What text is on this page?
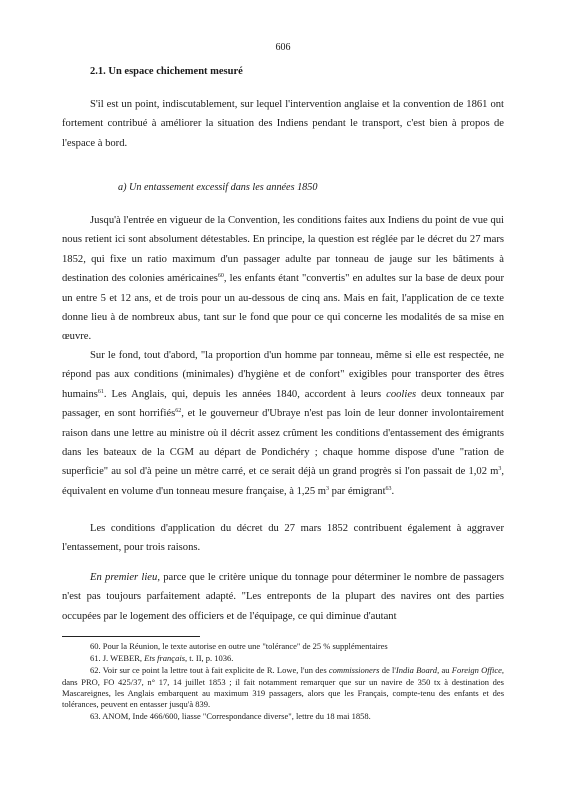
606
2.1. Un espace chichement mesuré

S'il est un point, indiscutablement, sur lequel l'intervention anglaise et la convention de 1861 ont fortement contribué à améliorer la situation des Indiens pendant le transport, c'est bien à propos de l'espace à bord.

a) Un entassement excessif dans les années 1850

Jusqu'à l'entrée en vigueur de la Convention, les conditions faites aux Indiens du point de vue qui nous retient ici sont absolument détestables. En principe, la question est réglée par le décret du 27 mars 1852, qui fixe un ratio maximum d'un passager adulte par tonneau de jauge sur les bâtiments à destination des colonies américaines$^{60}$, les enfants étant "convertis" en adultes sur la base de deux pour un entre 5 et 12 ans, et de trois pour un au-dessous de cinq ans. Mais en fait, l'application de ce texte donne lieu à de nombreux abus, tant sur le fond que pour ce qui concerne les modalités de sa mise en œuvre.

Sur le fond, tout d'abord, "la proportion d'un homme par tonneau, même si elle est respectée, ne répond pas aux conditions (minimales) d'hygiène et de confort" exigibles pour transporter des êtres humains$^{61}$. Les Anglais, qui, depuis les années 1840, accordent à leurs coolies deux tonneaux par passager, en sont horrifiés$^{62}$, et le gouverneur d'Ubraye n'est pas loin de leur donner involontairement raison dans une lettre au ministre où il décrit assez crûment les conditions d'entassement des émigrants dans les bateaux de la CGM au départ de Pondichéry ; chaque homme dispose d'une "ration de superficie" au sol d'à peine un mètre carré, et ce serait déjà un grand progrès si l'on passait de 1,02 $m^3$, équivalent en volume d'un tonneau mesure française, à 1,25 $m^3$ par émigrant$^{63}$.

Les conditions d'application du décret du 27 mars 1852 contribuent également à aggraver l'entassement, pour trois raisons.

En premier lieu, parce que le critère unique du tonnage pour déterminer le nombre de passagers n'est pas toujours parfaitement adapté. "Les entreponts de la plupart des navires ont des parties occupées par le logement des officiers et de l'équipage, ce qui diminue d'autant

60. Pour la Réunion, le texte autorise en outre une "tolérance" de 25 % supplémentaires

61. J. WEBER, Ets français, t. II, p. 1036.

62. Voir sur ce point la lettre tout à fait explicite de R. Lowe, l'un des commissioners de l'India Board, au Foreign Office, dans PRO, FO 425/37, n° 17, 14 juillet 1853 ; il fait notamment remarquer que sur un navire de 350 tx à destination des Mascareignes, les Anglais embarquent au maximum 319 passagers, alors que les Français, compte-tenu des enfants et des tolérances, peuvent en entasser jusqu'à 839.

63. ANOM, Inde 466/600, liasse "Correspondance diverse", lettre du 18 mai 1858.
